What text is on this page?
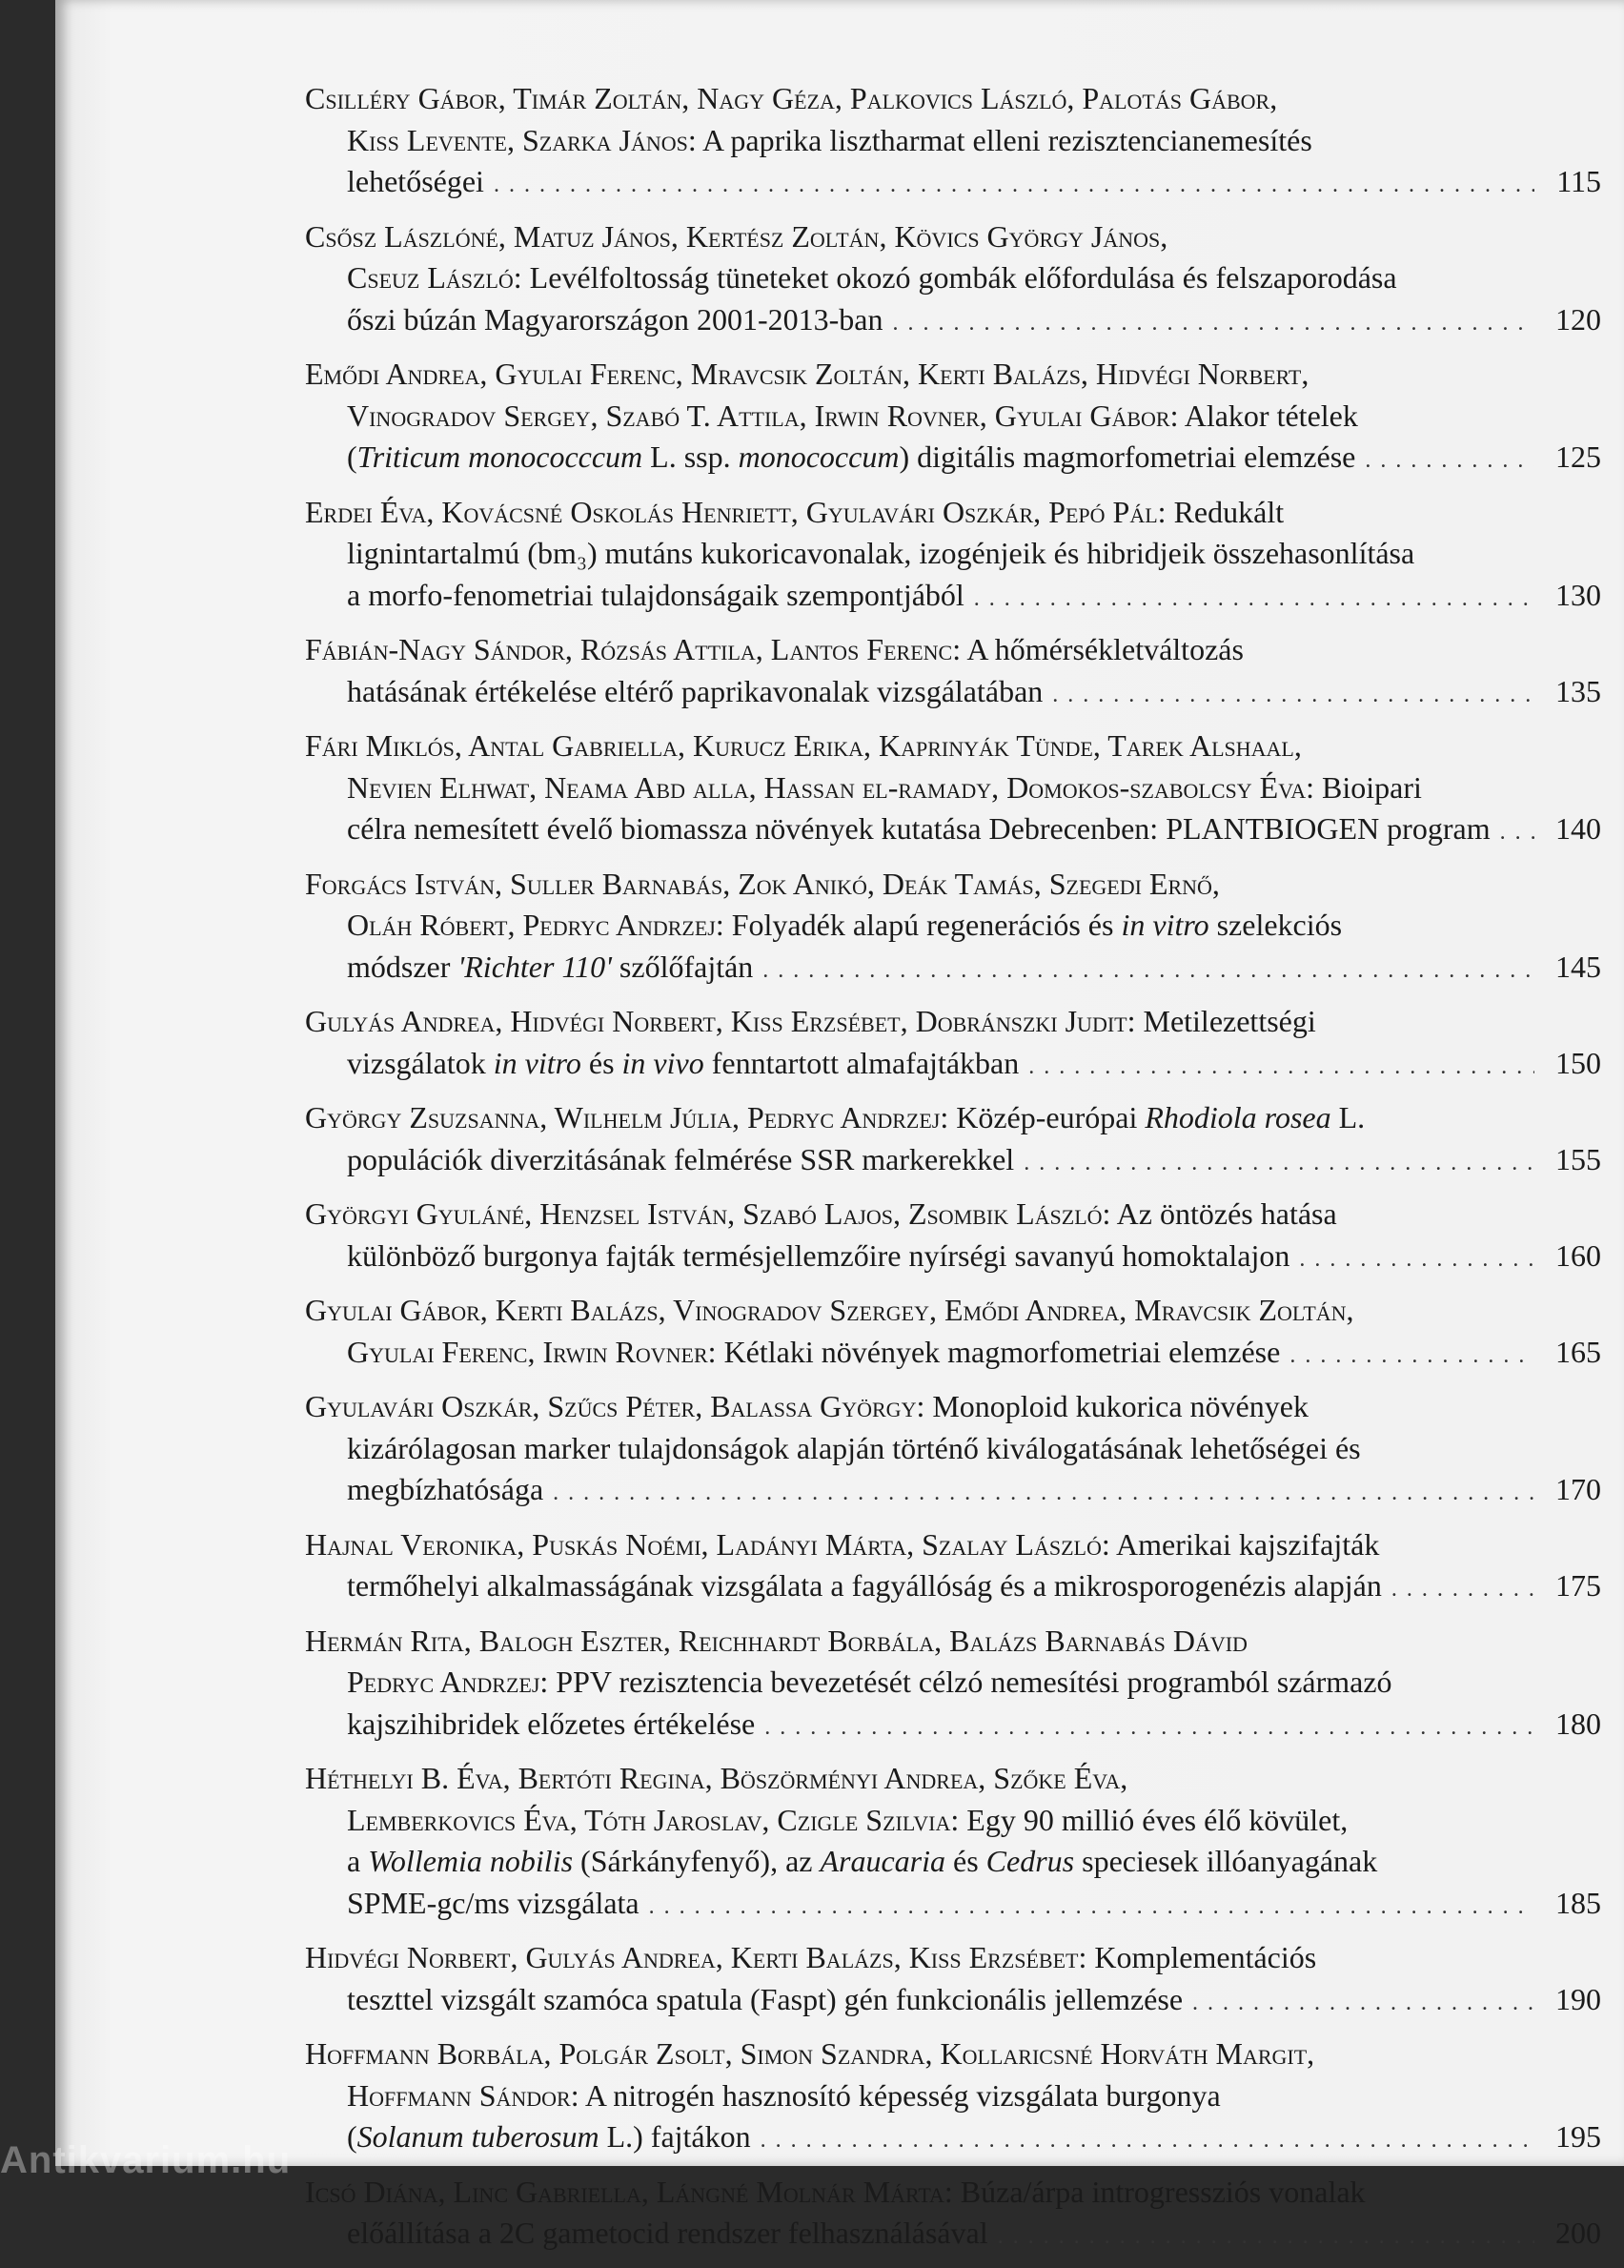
Csilléry Gábor, Timár Zoltán, Nagy Géza, Palkovics László, Palotás Gábor,
Kiss Levente, Szarka János: A paprika lisztharmat elleni rezisztencianemesítés
lehetőségei . . .	115
Csősz Lászlóné, Matuz János, Kertész Zoltán, Kövics György János,
Cseuz László: Levélfoltosság tüneteket okozó gombák előfordulása és felszaporodása
őszi búzán Magyarországon 2001-2013-ban . . .	120
Emődi Andrea, Gyulai Ferenc, Mravcsik Zoltán, Kerti Balázs, Hidvégi Norbert,
Vinogradov Sergey, Szabó T. Attila, Irwin Rovner, Gyulai Gábor: Alakor tételek
(Triticum monococccum L. ssp. monococcum) digitális magmorfometriai elemzése . . .	125
Erdei Éva, Kovácsné Oskolás Henriett, Gyulavári Oszkár, Pepó Pál: Redukált
lignintartalmú (bm₃) mutáns kukoricavonalak, izogénjeik és hibridjeik összehasonlítása
a morfo-fenometriai tulajdonságaik szempontjából . . .	130
Fábián-Nagy Sándor, Rózsás Attila, Lantos Ferenc: A hőmérsékletváltozás
hatásának értékelése eltérő paprikavonalak vizsgálatában . . .	135
Fári Miklós, Antal Gabriella, Kurucz Erika, Kaprinyák Tünde, Tarek Alshaal,
Nevien Elhwat, Neama Abd alla, Hassan el-ramady, Domokos-szabolcsy Éva: Bioipari
célra nemesített évelő biomassza növények kutatása Debrecenben: PLANTBIOGEN program . . .	140
Forgács István, Suller Barnabás, Zok Anikó, Deák Tamás, Szegedi Ernő,
Oláh Róbert, Pedryc Andrzej: Folyadék alapú regenerációs és in vitro szelekciós
módszer 'Richter 110' szőlőfajtán . . .	145
Gulyás Andrea, Hidvégi Norbert, Kiss Erzsébet, Dobránszki Judit: Metilezettségi
vizsgálatok in vitro és in vivo fenntartott almafajtákban . . .	150
György Zsuzsanna, Wilhelm Júlia, Pedryc Andrzej: Közép-európai Rhodiola rosea L.
populációk diverzitásának felmérése SSR markerekkel . . .	155
Györgyi Gyuláné, Henzsel István, Szabó Lajos, Zsombik László: Az öntözés hatása
különböző burgonya fajták termésjellemzőire nyírségi savanyú homoktalajon . . .	160
Gyulai Gábor, Kerti Balázs, Vinogradov Szergey, Emődi Andrea, Mravcsik Zoltán,
Gyulai Ferenc, Irwin Rovner: Kétlaki növények magmorfometriai elemzése . . .	165
Gyulavári Oszkár, Szűcs Péter, Balassa György: Monoploid kukorica növények
kizárólagosan marker tulajdonságok alapján történő kiválogatásának lehetőségei és
megbízhatósága . . .	170
Hajnal Veronika, Puskás Noémi, Ladányi Márta, Szalay László: Amerikai kajszifajták
termőhelyi alkalmasságának vizsgálata a fagyállóság és a mikrosporogenézis alapján . . .	175
Hermán Rita, Balogh Eszter, Reichhardt Borbála, Balázs Barnabás Dávid
Pedryc Andrzej: PPV rezisztencia bevezetését célzó nemesítési programból származó
kajszihibridek előzetes értékelése . . .	180
Héthelyi B. Éva, Bertóti Regina, Böszörményi Andrea, Szőke Éva,
Lemberkovics Éva, Tóth Jaroslav, Czigle Szilvia: Egy 90 millió éves élő kövület,
a Wollemia nobilis (Sárkányfenyő), az Araucaria és Cedrus speciesek illóanyagának
SPME-gc/ms vizsgálata . . .	185
Hidvégi Norbert, Gulyás Andrea, Kerti Balázs, Kiss Erzsébet: Komplementációs
teszttel vizsgált szamóca spatula (Faspt) gén funkcionális jellemzése . . .	190
Hoffmann Borbála, Polgár Zsolt, Simon Szandra, Kollaricsné Horváth Margit,
Hoffmann Sándor: A nitrogén hasznosító képesség vizsgálata burgonya
(Solanum tuberosum L.) fajtákon . . .	195
Icsó Diána, Linc Gabriella, Lángné Molnár Márta: Búza/árpa introgressziós vonalak
előállítása a 2C gametocid rendszer felhasználásával . . .	200
Antikvarium.hu
